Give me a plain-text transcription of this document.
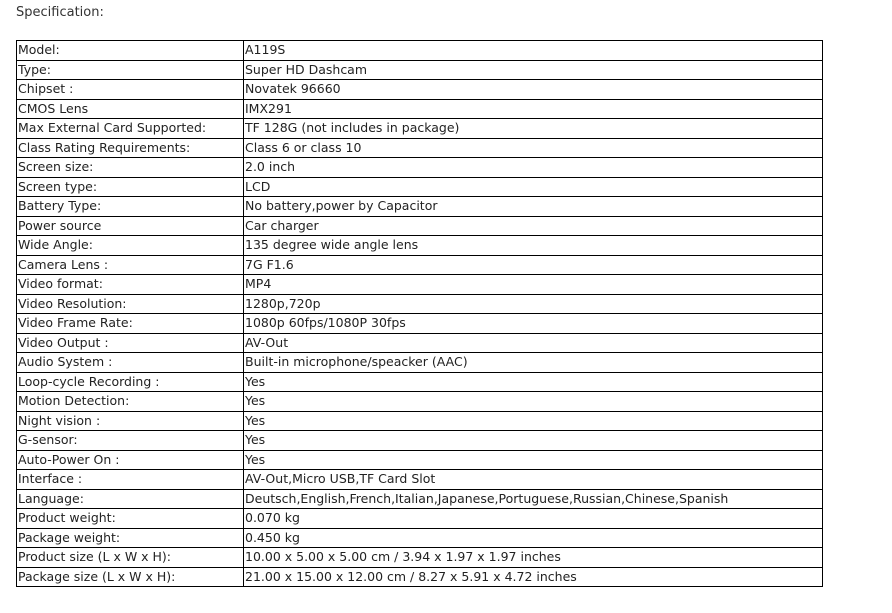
Specification:
Model:	A119S
Type:	Super HD Dashcam
Chipset :	Novatek 96660
CMOS Lens	IMX291
Max External Card Supported:	TF 128G (not includes in package)
Class Rating Requirements:	Class 6 or class 10
Screen size:	2.0 inch
Screen type:	LCD
Battery Type:	No battery,power by Capacitor
Power source	Car charger
Wide Angle:	135 degree wide angle lens
Camera Lens :	7G F1.6
Video format:	MP4
Video Resolution:	1280p,720p
Video Frame Rate:	1080p 60fps/1080P 30fps
Video Output :	AV-Out
Audio System :	Built-in microphone/speacker (AAC)
Loop-cycle Recording :	Yes
Motion Detection:	Yes
Night vision :	Yes
G-sensor:	Yes
Auto-Power On :	Yes
Interface :	AV-Out,Micro USB,TF Card Slot
Language:	Deutsch,English,French,Italian,Japanese,Portuguese,Russian,Chinese,Spanish
Product weight:	0.070 kg
Package weight:	0.450 kg
Product size (L x W x H):	10.00 x 5.00 x 5.00 cm / 3.94 x 1.97 x 1.97 inches
Package size (L x W x H):	21.00 x 15.00 x 12.00 cm / 8.27 x 5.91 x 4.72 inches
